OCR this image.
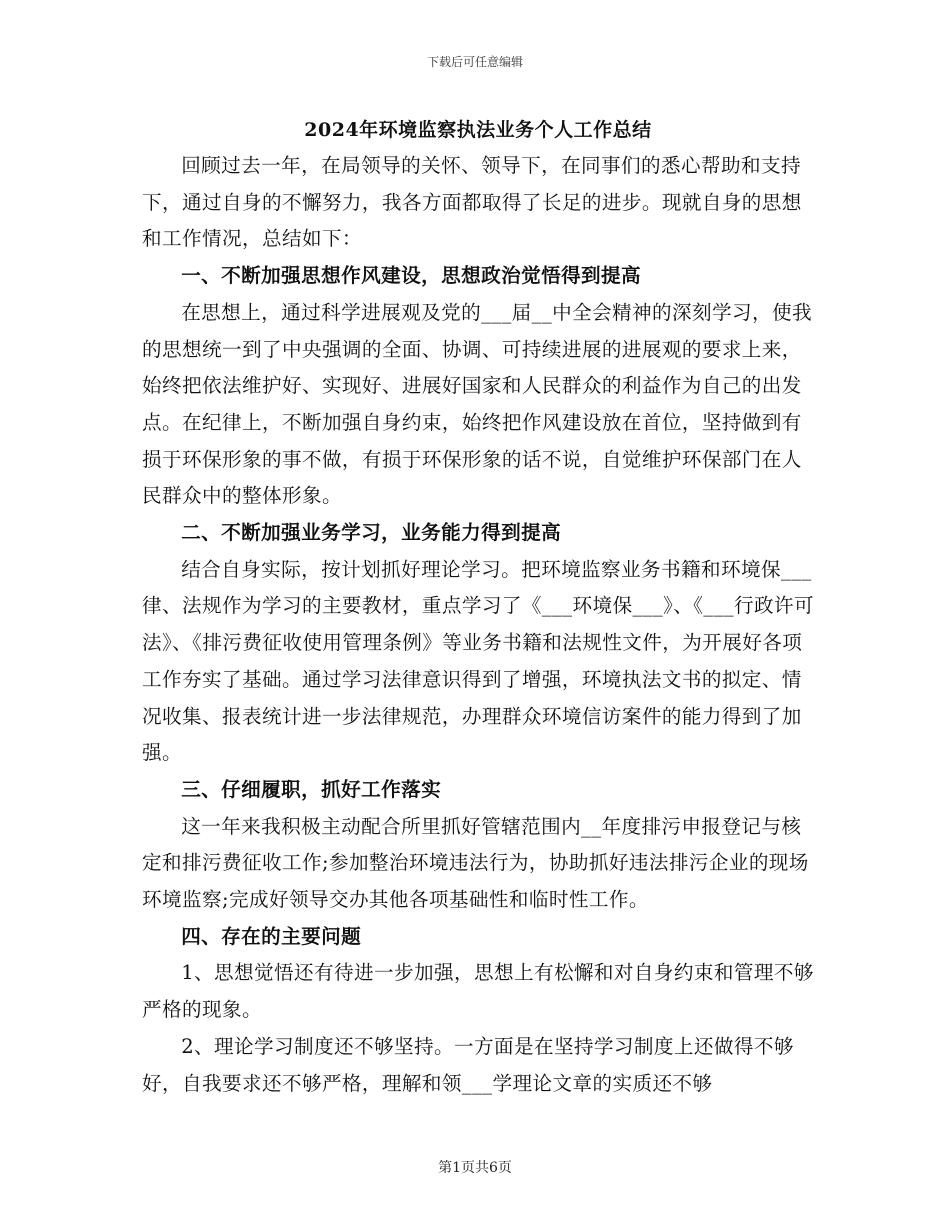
下载后可任意编辑
2024年环境监察执法业务个人工作总结

回顾过去一年，在局领导的关怀、领导下，在同事们的悉心帮助和支持下，通过自身的不懈努力，我各方面都取得了长足的进步。现就自身的思想和工作情况，总结如下：

一、不断加强思想作风建设，思想政治觉悟得到提高

在思想上，通过科学进展观及党的___届__中全会精神的深刻学习，使我的思想统一到了中央强调的全面、协调、可持续进展的进展观的要求上来，始终把依法维护好、实现好、进展好国家和人民群众的利益作为自己的出发点。在纪律上，不断加强自身约束，始终把作风建设放在首位，坚持做到有损于环保形象的事不做，有损于环保形象的话不说，自觉维护环保部门在人民群众中的整体形象。

二、不断加强业务学习，业务能力得到提高

结合自身实际，按计划抓好理论学习。把环境监察业务书籍和环境保___律、法规作为学习的主要教材，重点学习了《___环境保___》、《___行政许可法》、《排污费征收使用管理条例》等业务书籍和法规性文件，为开展好各项工作夯实了基础。通过学习法律意识得到了增强，环境执法文书的拟定、情况收集、报表统计进一步法律规范，办理群众环境信访案件的能力得到了加强。

三、仔细履职，抓好工作落实

这一年来我积极主动配合所里抓好管辖范围内__年度排污申报登记与核定和排污费征收工作;参加整治环境违法行为，协助抓好违法排污企业的现场环境监察;完成好领导交办其他各项基础性和临时性工作。

四、存在的主要问题

1、思想觉悟还有待进一步加强，思想上有松懈和对自身约束和管理不够严格的现象。

2、理论学习制度还不够坚持。一方面是在坚持学习制度上还做得不够好，自我要求还不够严格，理解和领___学理论文章的实质还不够

第1页共6页
